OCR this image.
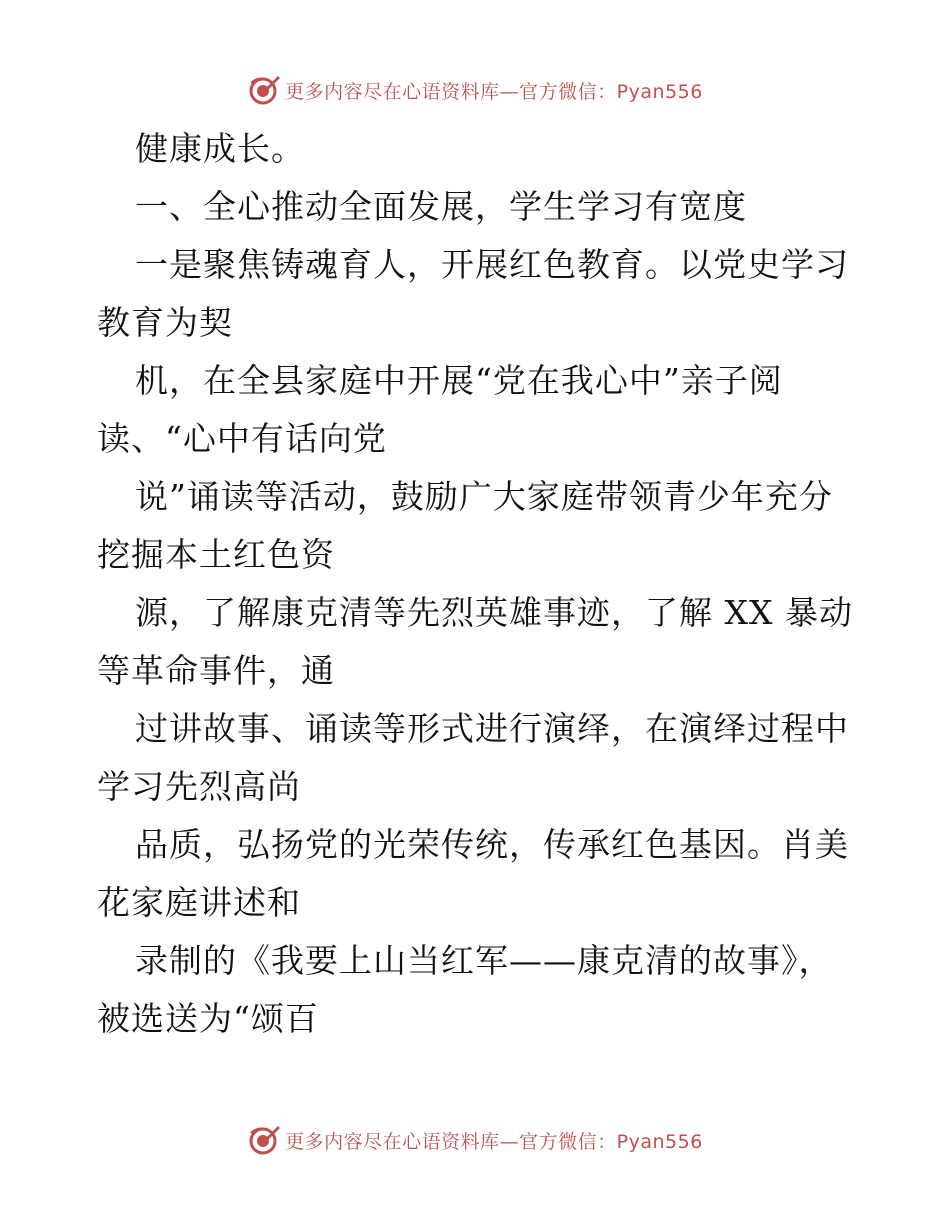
更多内容尽在心语资料库—官方微信：Pyan556
健康成长。
一、全心推动全面发展，学生学习有宽度
一是聚焦铸魂育人，开展红色教育。以党史学习
教育为契
机，在全县家庭中开展“党在我心中”亲子阅
读、“心中有话向党
说”诵读等活动，鼓励广大家庭带领青少年充分
挖掘本土红色资
源，了解康克清等先烈英雄事迹，了解 XX 暴动
等革命事件，通
过讲故事、诵读等形式进行演绎，在演绎过程中
学习先烈高尚
品质，弘扬党的光荣传统，传承红色基因。肖美
花家庭讲述和
录制的《我要上山当红军——康克清的故事》，
被选送为“颂百
更多内容尽在心语资料库—官方微信：Pyan556
